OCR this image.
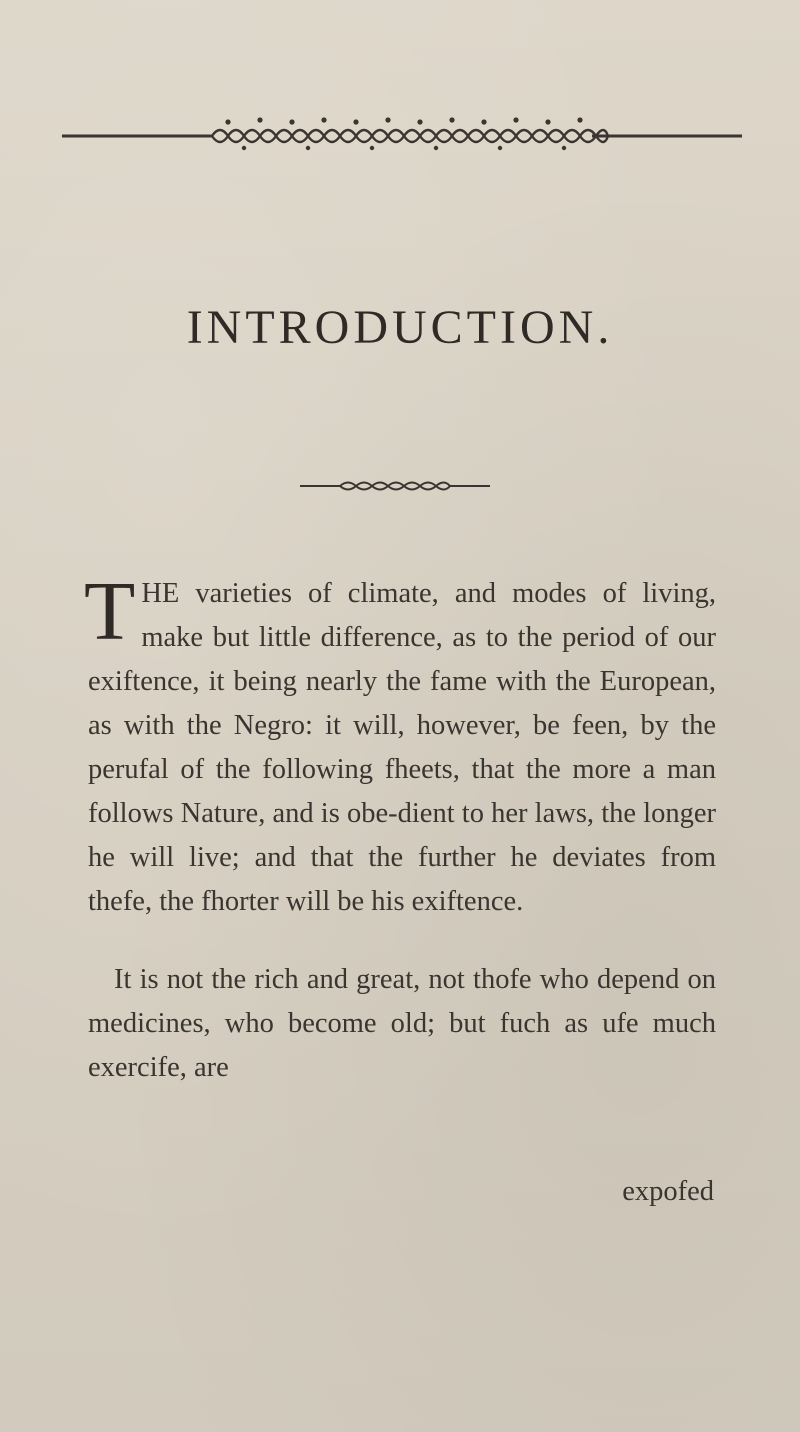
INTRODUCTION.

THE varieties of climate, and modes of living, make but little difference, as to the period of our exiftence, it being nearly the fame with the European, as with the Negro: it will, however, be feen, by the perufal of the following fheets, that the more a man follows Nature, and is obe-dient to her laws, the longer he will live; and that the further he deviates from thefe, the fhorter will be his exiftence.

It is not the rich and great, not thofe who depend on medicines, who become old; but fuch as ufe much exercife, are

expofed
